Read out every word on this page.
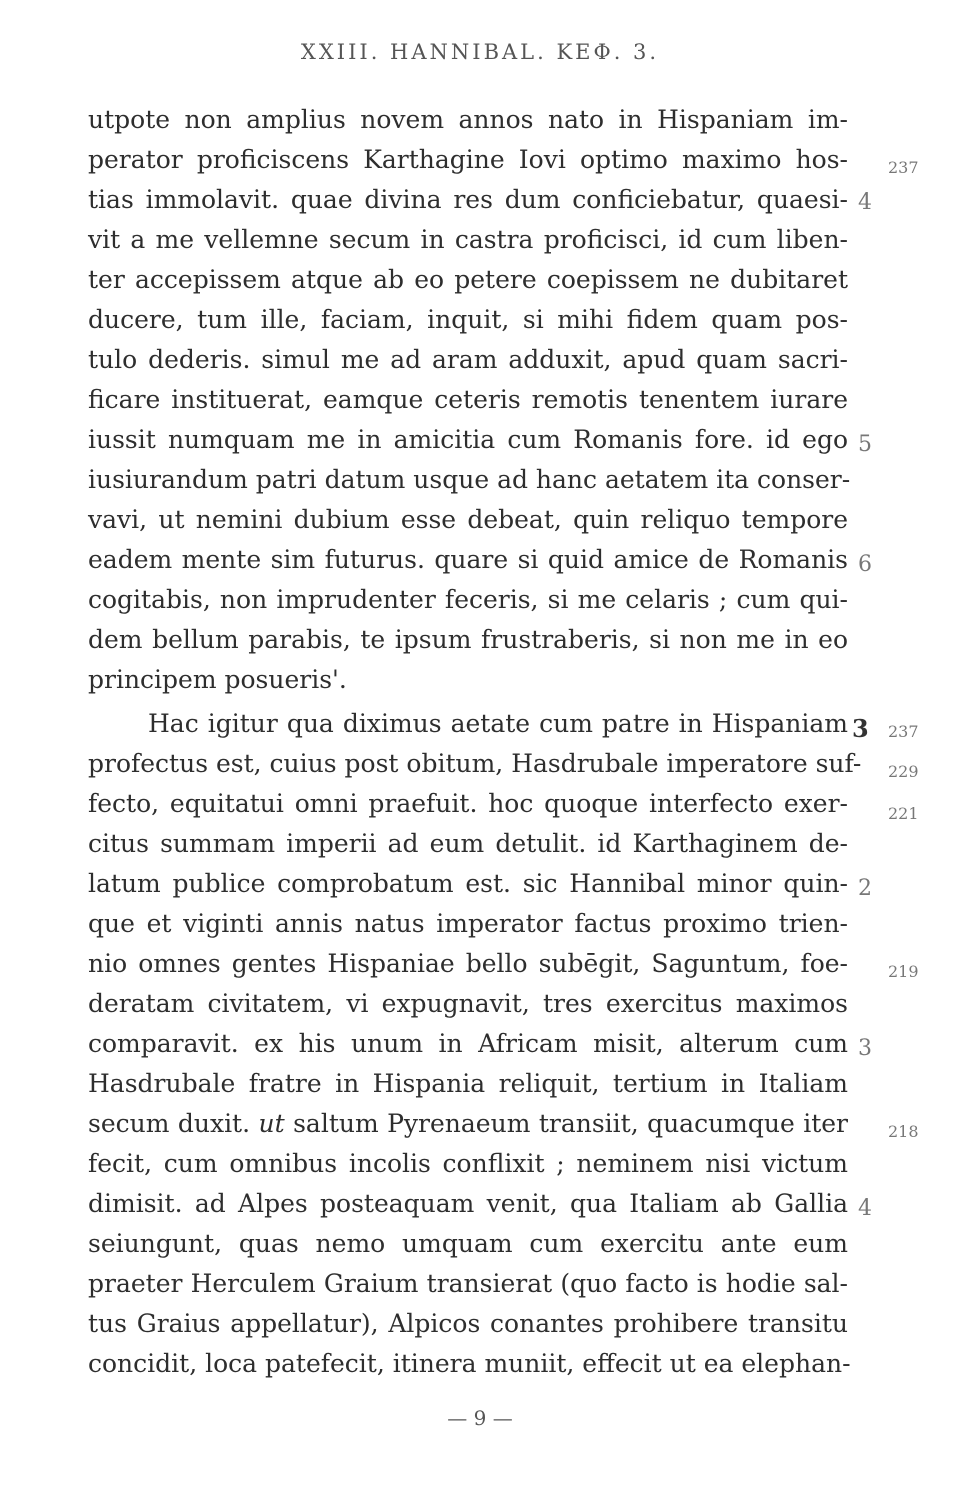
XXIII. HANNIBAL. ΚΕΦ. 3.
utpote non amplius novem annos nato in Hispaniam im-
perator proficiscens Karthagine Iovi optimo maximo hos-
tias immolavit. quae divina res dum conficiebatur, quaesi-
vit a me vellemne secum in castra proficisci, id cum liben-
ter accepissem atque ab eo petere coepissem ne dubitaret
ducere, tum ille, faciam, inquit, si mihi fidem quam pos-
tulo dederis. simul me ad aram adduxit, apud quam sacri-
ficare instituerat, eamque ceteris remotis tenentem iurare
iussit numquam me in amicitia cum Romanis fore. id ego
iusiurandum patri datum usque ad hanc aetatem ita conser-
vavi, ut nemini dubium esse debeat, quin reliquo tempore
eadem mente sim futurus. quare si quid amice de Romanis
cogitabis, non imprudenter feceris, si me celaris ; cum qui-
dem bellum parabis, te ipsum frustraberis, si non me in eo
principem posueris'.
Hac igitur qua diximus aetate cum patre in Hispaniam
profectus est, cuius post obitum, Hasdrubale imperatore suf-
fecto, equitatui omni praefuit. hoc quoque interfecto exer-
citus summam imperii ad eum detulit. id Karthaginem de-
latum publice comprobatum est. sic Hannibal minor quin-
que et viginti annis natus imperator factus proximo trien-
nio omnes gentes Hispaniae bello subēgit, Saguntum, foe-
deratam civitatem, vi expugnavit, tres exercitus maximos
comparavit. ex his unum in Africam misit, alterum cum
Hasdrubale fratre in Hispania reliquit, tertium in Italiam
secum duxit. ut saltum Pyrenaeum transiit, quacumque iter
fecit, cum omnibus incolis conflixit ; neminem nisi victum
dimisit. ad Alpes posteaquam venit, qua Italiam ab Gallia
seiungunt, quas nemo umquam cum exercitu ante eum
praeter Herculem Graium transierat (quo facto is hodie sal-
tus Graius appellatur), Alpicos conantes prohibere transitu
concidit, loca patefecit, itinera muniit, effecit ut ea elephan-
237
4
5
6
3 237
229
221
2
219
3
218
4
— 9 —
